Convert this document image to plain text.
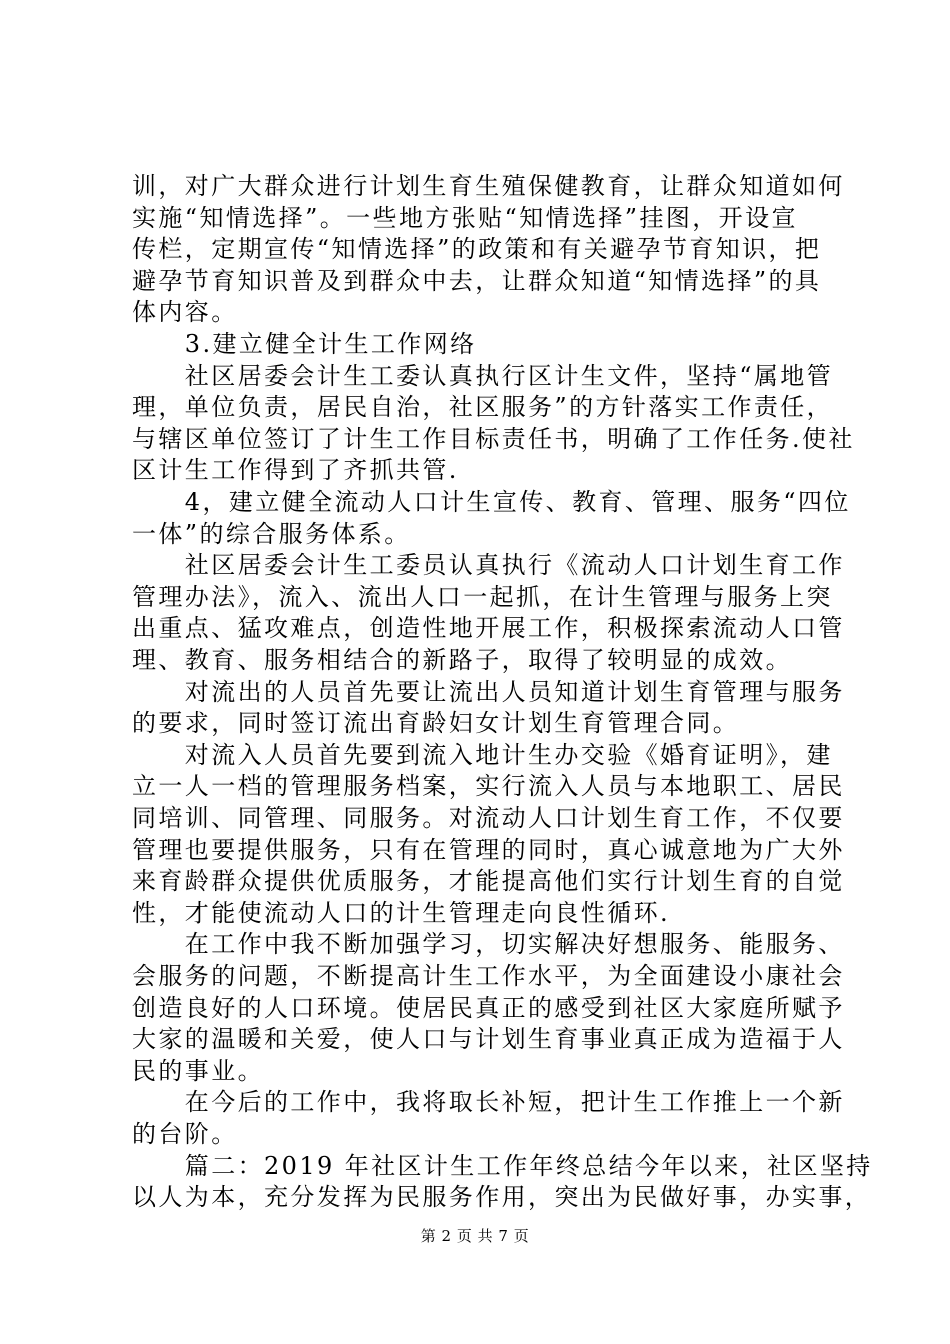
训，对广大群众进行计划生育生殖保健教育，让群众知道如何
实施“知情选择”。一些地方张贴“知情选择”挂图，开设宣
传栏，定期宣传“知情选择”的政策和有关避孕节育知识，把
避孕节育知识普及到群众中去，让群众知道“知情选择”的具
体内容。
　　3.建立健全计生工作网络
　　社区居委会计生工委认真执行区计生文件，坚持“属地管
理，单位负责，居民自治，社区服务”的方针落实工作责任，
与辖区单位签订了计生工作目标责任书，明确了工作任务.使社
区计生工作得到了齐抓共管.
　　4，建立健全流动人口计生宣传、教育、管理、服务“四位
一体”的综合服务体系。
　　社区居委会计生工委员认真执行《流动人口计划生育工作
管理办法》，流入、流出人口一起抓，在计生管理与服务上突
出重点、猛攻难点，创造性地开展工作，积极探索流动人口管
理、教育、服务相结合的新路子，取得了较明显的成效。
　　对流出的人员首先要让流出人员知道计划生育管理与服务
的要求，同时签订流出育龄妇女计划生育管理合同。
　　对流入人员首先要到流入地计生办交验《婚育证明》，建
立一人一档的管理服务档案，实行流入人员与本地职工、居民
同培训、同管理、同服务。对流动人口计划生育工作，不仅要
管理也要提供服务，只有在管理的同时，真心诚意地为广大外
来育龄群众提供优质服务，才能提高他们实行计划生育的自觉
性，才能使流动人口的计生管理走向良性循环.
　　在工作中我不断加强学习，切实解决好想服务、能服务、
会服务的问题，不断提高计生工作水平，为全面建设小康社会
创造良好的人口环境。使居民真正的感受到社区大家庭所赋予
大家的温暖和关爱，使人口与计划生育事业真正成为造福于人
民的事业。
　　在今后的工作中，我将取长补短，把计生工作推上一个新
的台阶。
　　篇二：2019 年社区计生工作年终总结今年以来，社区坚持
以人为本，充分发挥为民服务作用，突出为民做好事，办实事，
第 2 页 共 7 页
